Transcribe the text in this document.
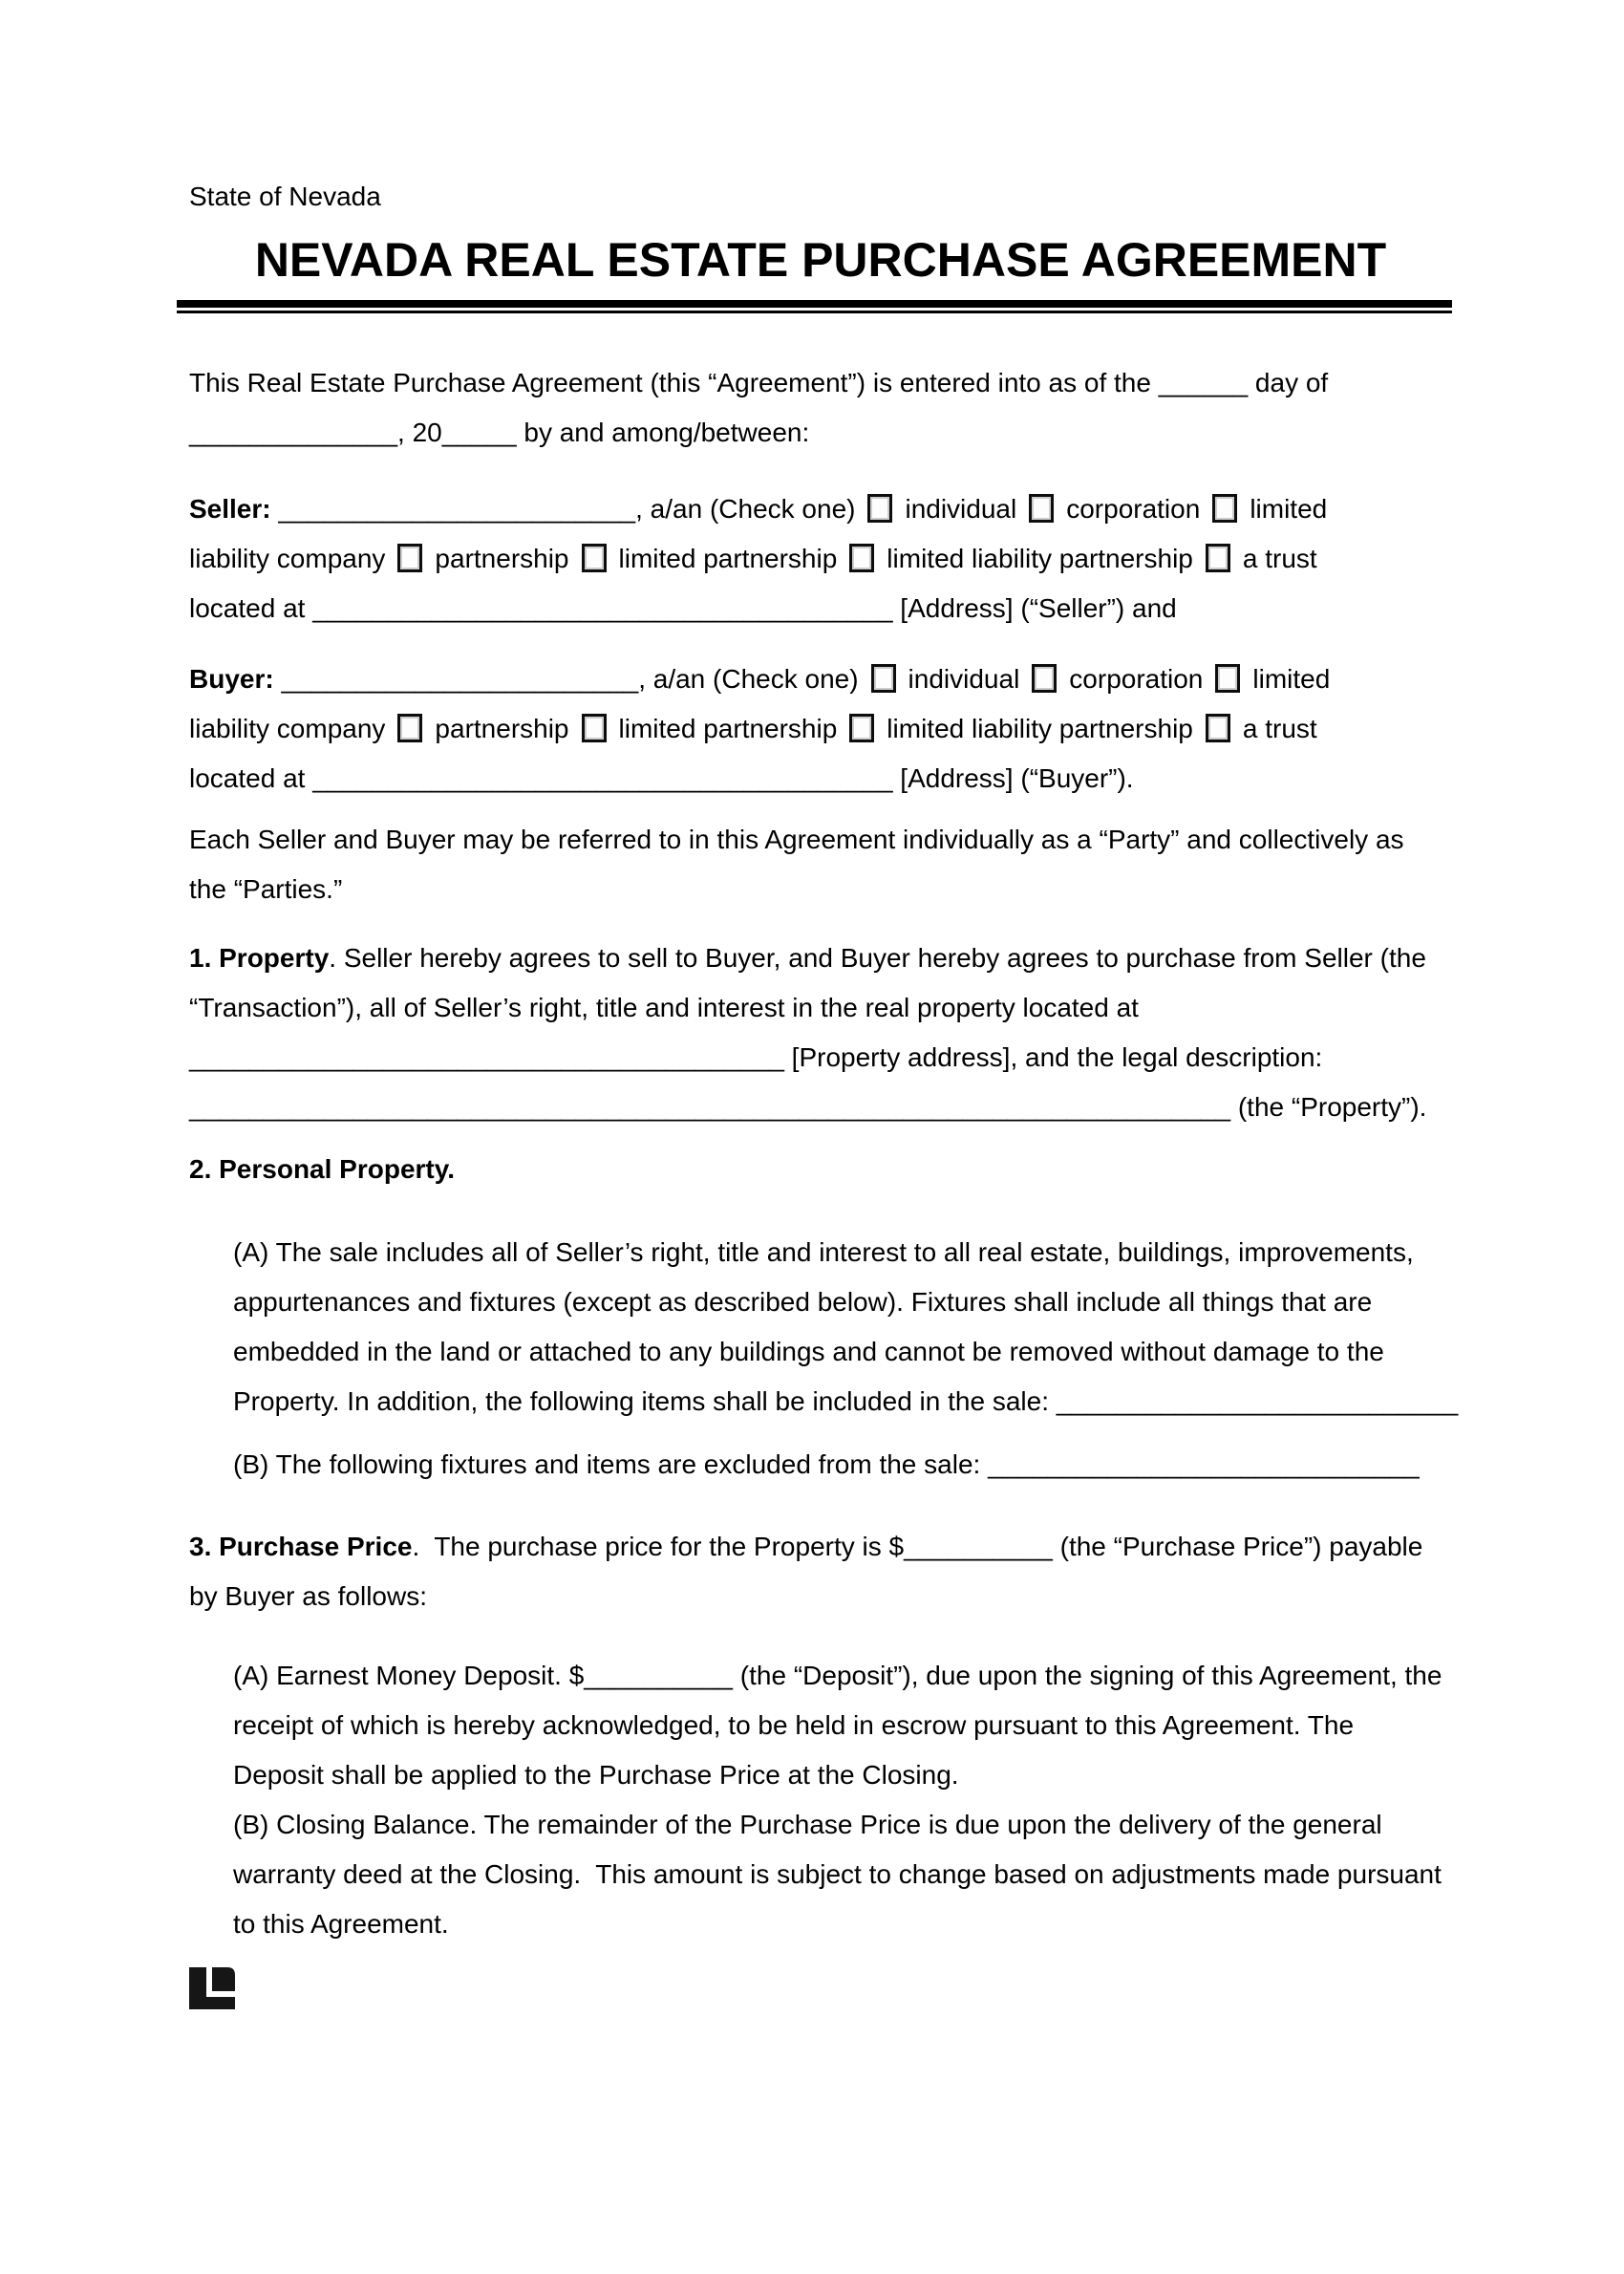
State of Nevada
NEVADA REAL ESTATE PURCHASE AGREEMENT
This Real Estate Purchase Agreement (this “Agreement”) is entered into as of the ______ day of
______________, 20_____ by and among/between:
Seller: ________________________, a/an (Check one) individual corporation limited
liability company partnership limited partnership limited liability partnership a trust
located at _______________________________________ [Address] (“Seller”) and
Buyer: ________________________, a/an (Check one) individual corporation limited
liability company partnership limited partnership limited liability partnership a trust
located at _______________________________________ [Address] (“Buyer”).
Each Seller and Buyer may be referred to in this Agreement individually as a “Party” and collectively as
the “Parties.”
1. Property. Seller hereby agrees to sell to Buyer, and Buyer hereby agrees to purchase from Seller (the
“Transaction”), all of Seller’s right, title and interest in the real property located at
________________________________________ [Property address], and the legal description:
______________________________________________________________________ (the “Property”).
2. Personal Property.
(A) The sale includes all of Seller’s right, title and interest to all real estate, buildings, improvements,
appurtenances and fixtures (except as described below). Fixtures shall include all things that are
embedded in the land or attached to any buildings and cannot be removed without damage to the
Property. In addition, the following items shall be included in the sale: ___________________________
(B) The following fixtures and items are excluded from the sale: _____________________________
3. Purchase Price.  The purchase price for the Property is $__________ (the “Purchase Price”) payable
by Buyer as follows:
(A) Earnest Money Deposit. $__________ (the “Deposit”), due upon the signing of this Agreement, the
receipt of which is hereby acknowledged, to be held in escrow pursuant to this Agreement. The
Deposit shall be applied to the Purchase Price at the Closing.
(B) Closing Balance. The remainder of the Purchase Price is due upon the delivery of the general
warranty deed at the Closing.  This amount is subject to change based on adjustments made pursuant
to this Agreement.
